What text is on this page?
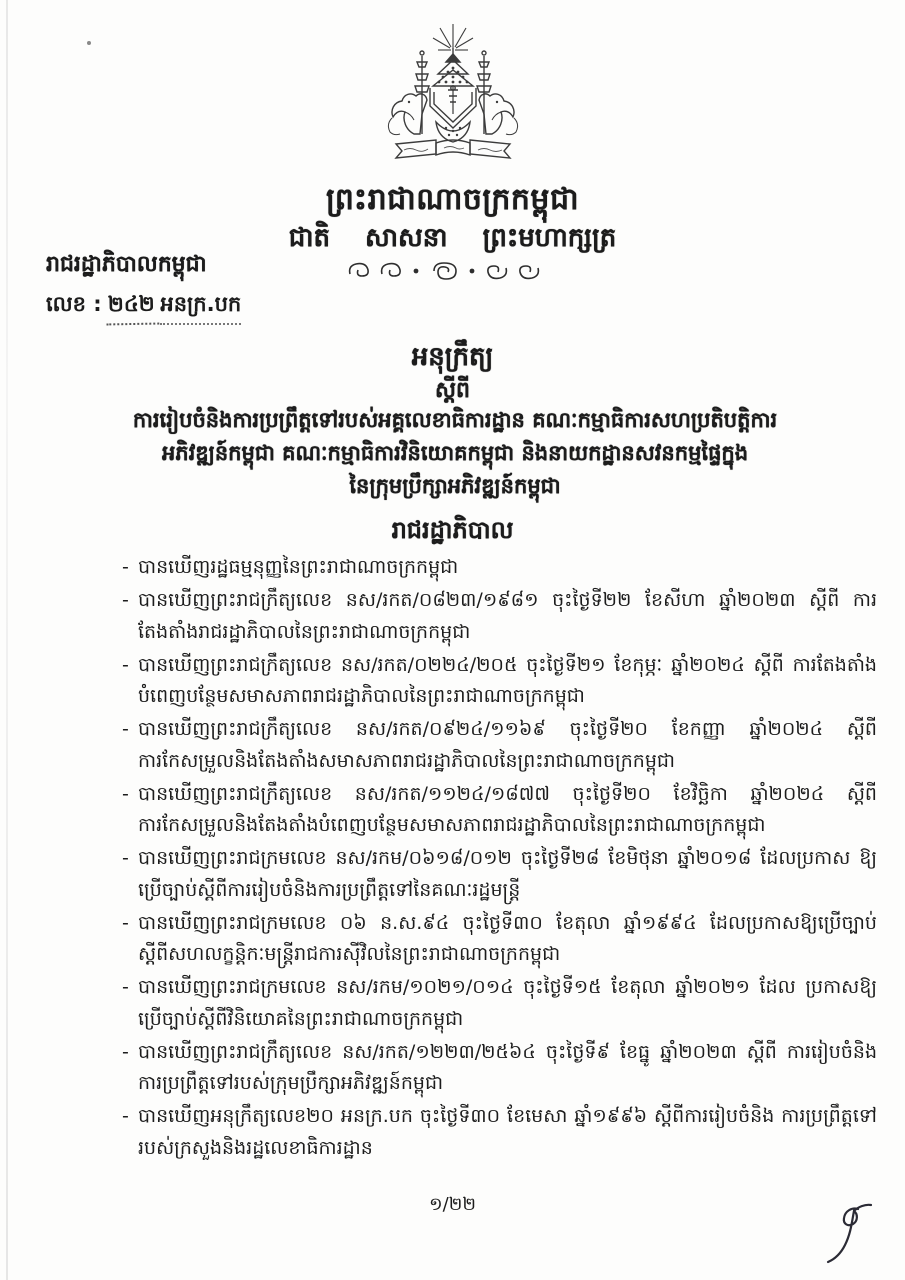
ព្រះរាជាណាចក្រកម្ពុជា
ជាតិ សាសនា ព្រះមហាក្សត្រ
រាជរដ្ឋាភិបាលកម្ពុជា
លេខ : ២៤២ អនក្រ.បក
អនុក្រឹត្យ
ស្តីពី
ការរៀបចំនិងការប្រព្រឹត្តទៅរបស់អគ្គលេខាធិការដ្ឋាន គណៈកម្មាធិការសហប្រតិបត្តិការ
អភិវឌ្ឍន៍កម្ពុជា គណៈកម្មាធិការវិនិយោគកម្ពុជា និងនាយកដ្ឋានសវនកម្មផ្ទៃក្នុង
នៃក្រុមប្រឹក្សាអភិវឌ្ឍន៍កម្ពុជា
រាជរដ្ឋាភិបាល
- បានឃើញរដ្ឋធម្មនុញ្ញនៃព្រះរាជាណាចក្រកម្ពុជា
- បានឃើញព្រះរាជក្រឹត្យលេខ នស/រកត/០៨២៣/១៩៨១ ចុះថ្ងៃទី២២ ខែសីហា ឆ្នាំ២០២៣ ស្តីពី ការតែងតាំងរាជរដ្ឋាភិបាលនៃព្រះរាជាណាចក្រកម្ពុជា
- បានឃើញព្រះរាជក្រឹត្យលេខ នស/រកត/០២២៤/២០៥ ចុះថ្ងៃទី២១ ខែកុម្ភៈ ឆ្នាំ២០២៤ ស្តីពី ការតែងតាំងបំពេញបន្ថែមសមាសភាពរាជរដ្ឋាភិបាលនៃព្រះរាជាណាចក្រកម្ពុជា
- បានឃើញព្រះរាជក្រឹត្យលេខ នស/រកត/០៩២៤/១១៦៩ ចុះថ្ងៃទី២០ ខែកញ្ញា ឆ្នាំ២០២៤ ស្តីពី ការកែសម្រួលនិងតែងតាំងសមាសភាពរាជរដ្ឋាភិបាលនៃព្រះរាជាណាចក្រកម្ពុជា
- បានឃើញព្រះរាជក្រឹត្យលេខ នស/រកត/១១២៤/១៨៧៧ ចុះថ្ងៃទី២០ ខែវិច្ឆិកា ឆ្នាំ២០២៤ ស្តីពី ការកែសម្រួលនិងតែងតាំងបំពេញបន្ថែមសមាសភាពរាជរដ្ឋាភិបាលនៃព្រះរាជាណាចក្រកម្ពុជា
- បានឃើញព្រះរាជក្រមលេខ នស/រកម/០៦១៨/០១២ ចុះថ្ងៃទី២៨ ខែមិថុនា ឆ្នាំ២០១៨ ដែលប្រកាស ឱ្យប្រើច្បាប់ស្តីពីការរៀបចំនិងការប្រព្រឹត្តទៅនៃគណៈរដ្ឋមន្ត្រី
- បានឃើញព្រះរាជក្រមលេខ ០៦ ន.ស.៩៤ ចុះថ្ងៃទី៣០ ខែតុលា ឆ្នាំ១៩៩៤ ដែលប្រកាសឱ្យប្រើច្បាប់ ស្តីពីសហលក្ខន្តិកៈមន្ត្រីរាជការស៊ីវិលនៃព្រះរាជាណាចក្រកម្ពុជា
- បានឃើញព្រះរាជក្រមលេខ នស/រកម/១០២១/០១៤ ចុះថ្ងៃទី១៥ ខែតុលា ឆ្នាំ២០២១ ដែល ប្រកាសឱ្យប្រើច្បាប់ស្តីពីវិនិយោគនៃព្រះរាជាណាចក្រកម្ពុជា
- បានឃើញព្រះរាជក្រឹត្យលេខ នស/រកត/១២២៣/២៥៦៤ ចុះថ្ងៃទី៩ ខែធ្នូ ឆ្នាំ២០២៣ ស្តីពី ការរៀបចំនិងការប្រព្រឹត្តទៅរបស់ក្រុមប្រឹក្សាអភិវឌ្ឍន៍កម្ពុជា
- បានឃើញអនុក្រឹត្យលេខ២០ អនក្រ.បក ចុះថ្ងៃទី៣០ ខែមេសា ឆ្នាំ១៩៩៦ ស្តីពីការរៀបចំនិង ការប្រព្រឹត្តទៅរបស់ក្រសួងនិងរដ្ឋលេខាធិការដ្ឋាន
១/២២
